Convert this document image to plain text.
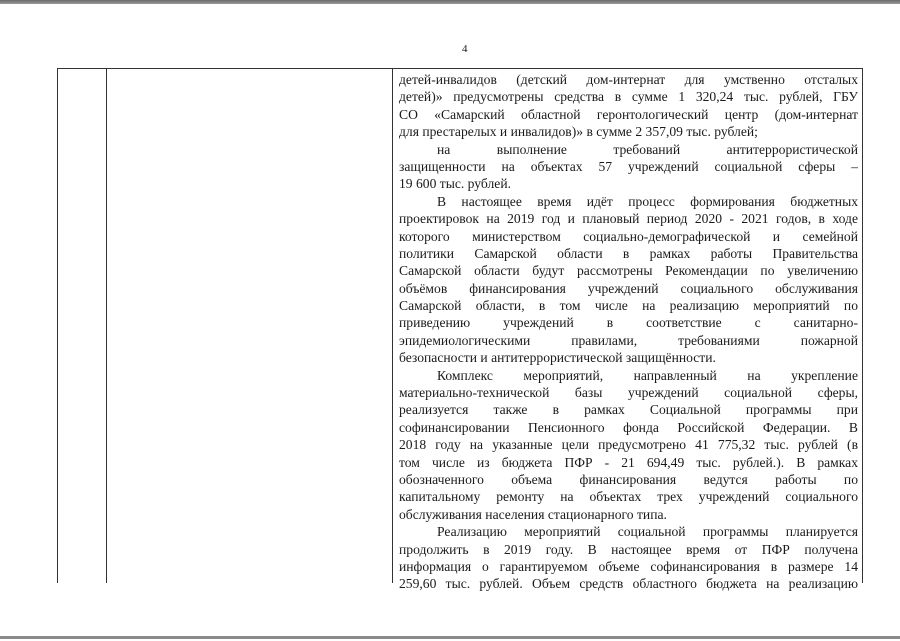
4
детей-инвалидов (детский дом-интернат для умственно отсталых
детей)» предусмотрены средства в сумме 1 320,24 тыс. рублей, ГБУ
СО «Самарский областной геронтологический центр (дом-интернат
для престарелых и инвалидов)» в сумме 2 357,09 тыс. рублей;
на выполнение требований антитеррористической
защищенности на объектах 57 учреждений социальной сферы –
19 600 тыс. рублей.
В настоящее время идёт процесс формирования бюджетных
проектировок на 2019 год и плановый период 2020 - 2021 годов, в ходе
которого министерством социально-демографической и семейной
политики Самарской области в рамках работы Правительства
Самарской области будут рассмотрены Рекомендации по увеличению
объёмов финансирования учреждений социального обслуживания
Самарской области, в том числе на реализацию мероприятий по
приведению учреждений в соответствие с санитарно-
эпидемиологическими правилами, требованиями пожарной
безопасности и антитеррористической защищённости.
Комплекс мероприятий, направленный на укрепление
материально-технической базы учреждений социальной сферы,
реализуется также в рамках Социальной программы при
софинансировании Пенсионного фонда Российской Федерации. В
2018 году на указанные цели предусмотрено 41 775,32 тыс. рублей (в
том числе из бюджета ПФР - 21 694,49 тыс. рублей.). В рамках
обозначенного объема финансирования ведутся работы по
капитальному ремонту на объектах трех учреждений социального
обслуживания населения стационарного типа.
Реализацию мероприятий социальной программы планируется
продолжить в 2019 году. В настоящее время от ПФР получена
информация о гарантируемом объеме софинансирования в размере 14
259,60 тыс. рублей. Объем средств областного бюджета на реализацию
